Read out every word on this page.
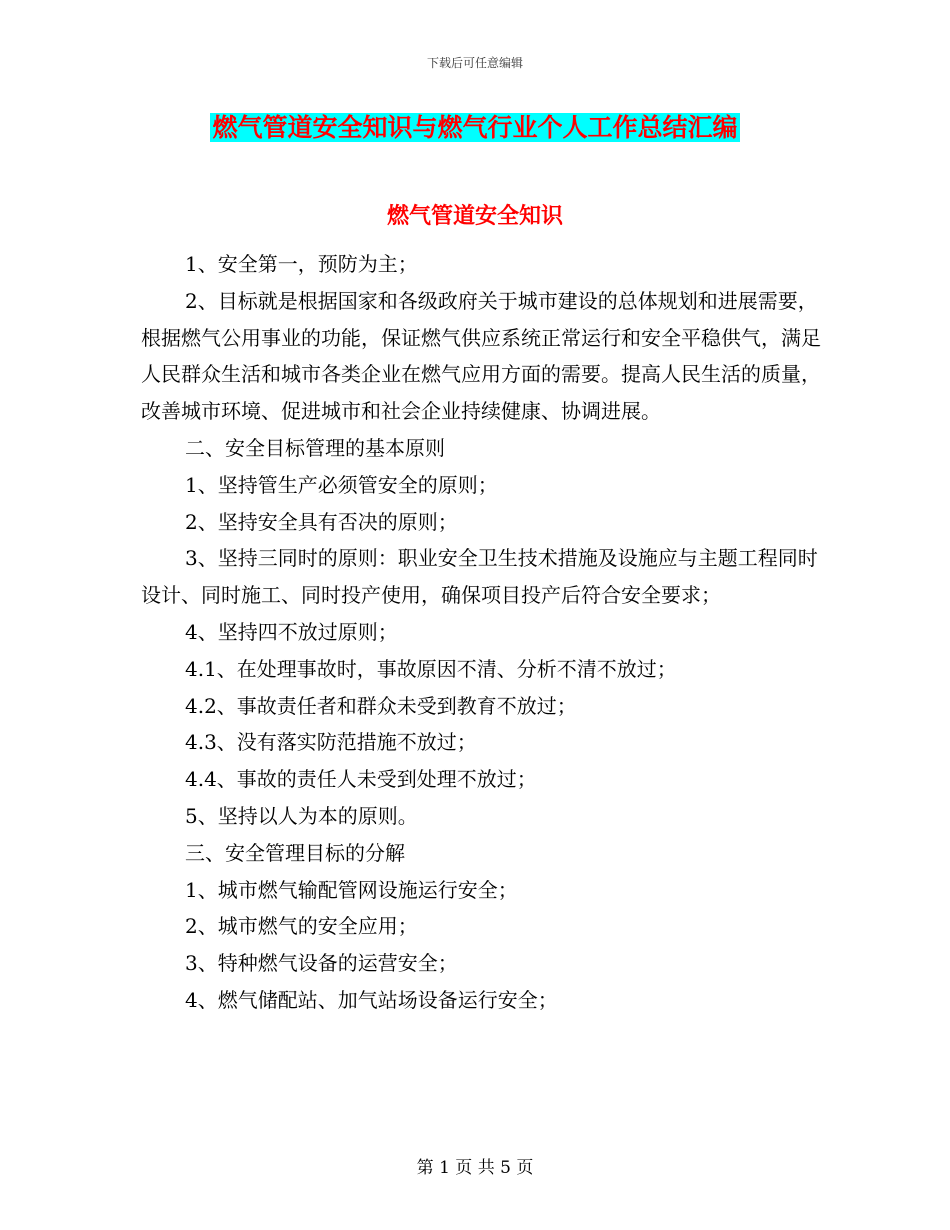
下载后可任意编辑
燃气管道安全知识与燃气行业个人工作总结汇编
燃气管道安全知识

1、安全第一，预防为主；

2、目标就是根据国家和各级政府关于城市建设的总体规划和进展需要，根据燃气公用事业的功能，保证燃气供应系统正常运行和安全平稳供气，满足人民群众生活和城市各类企业在燃气应用方面的需要。提高人民生活的质量，改善城市环境、促进城市和社会企业持续健康、协调进展。

二、安全目标管理的基本原则

1、坚持管生产必须管安全的原则；

2、坚持安全具有否决的原则；

3、坚持三同时的原则：职业安全卫生技术措施及设施应与主题工程同时设计、同时施工、同时投产使用，确保项目投产后符合安全要求；

4、坚持四不放过原则；

4.1、在处理事故时，事故原因不清、分析不清不放过；

4.2、事故责任者和群众未受到教育不放过；

4.3、没有落实防范措施不放过；

4.4、事故的责任人未受到处理不放过；

5、坚持以人为本的原则。

三、安全管理目标的分解

1、城市燃气输配管网设施运行安全；

2、城市燃气的安全应用；

3、特种燃气设备的运营安全；

4、燃气储配站、加气站场设备运行安全；

第 1 页 共 5 页
